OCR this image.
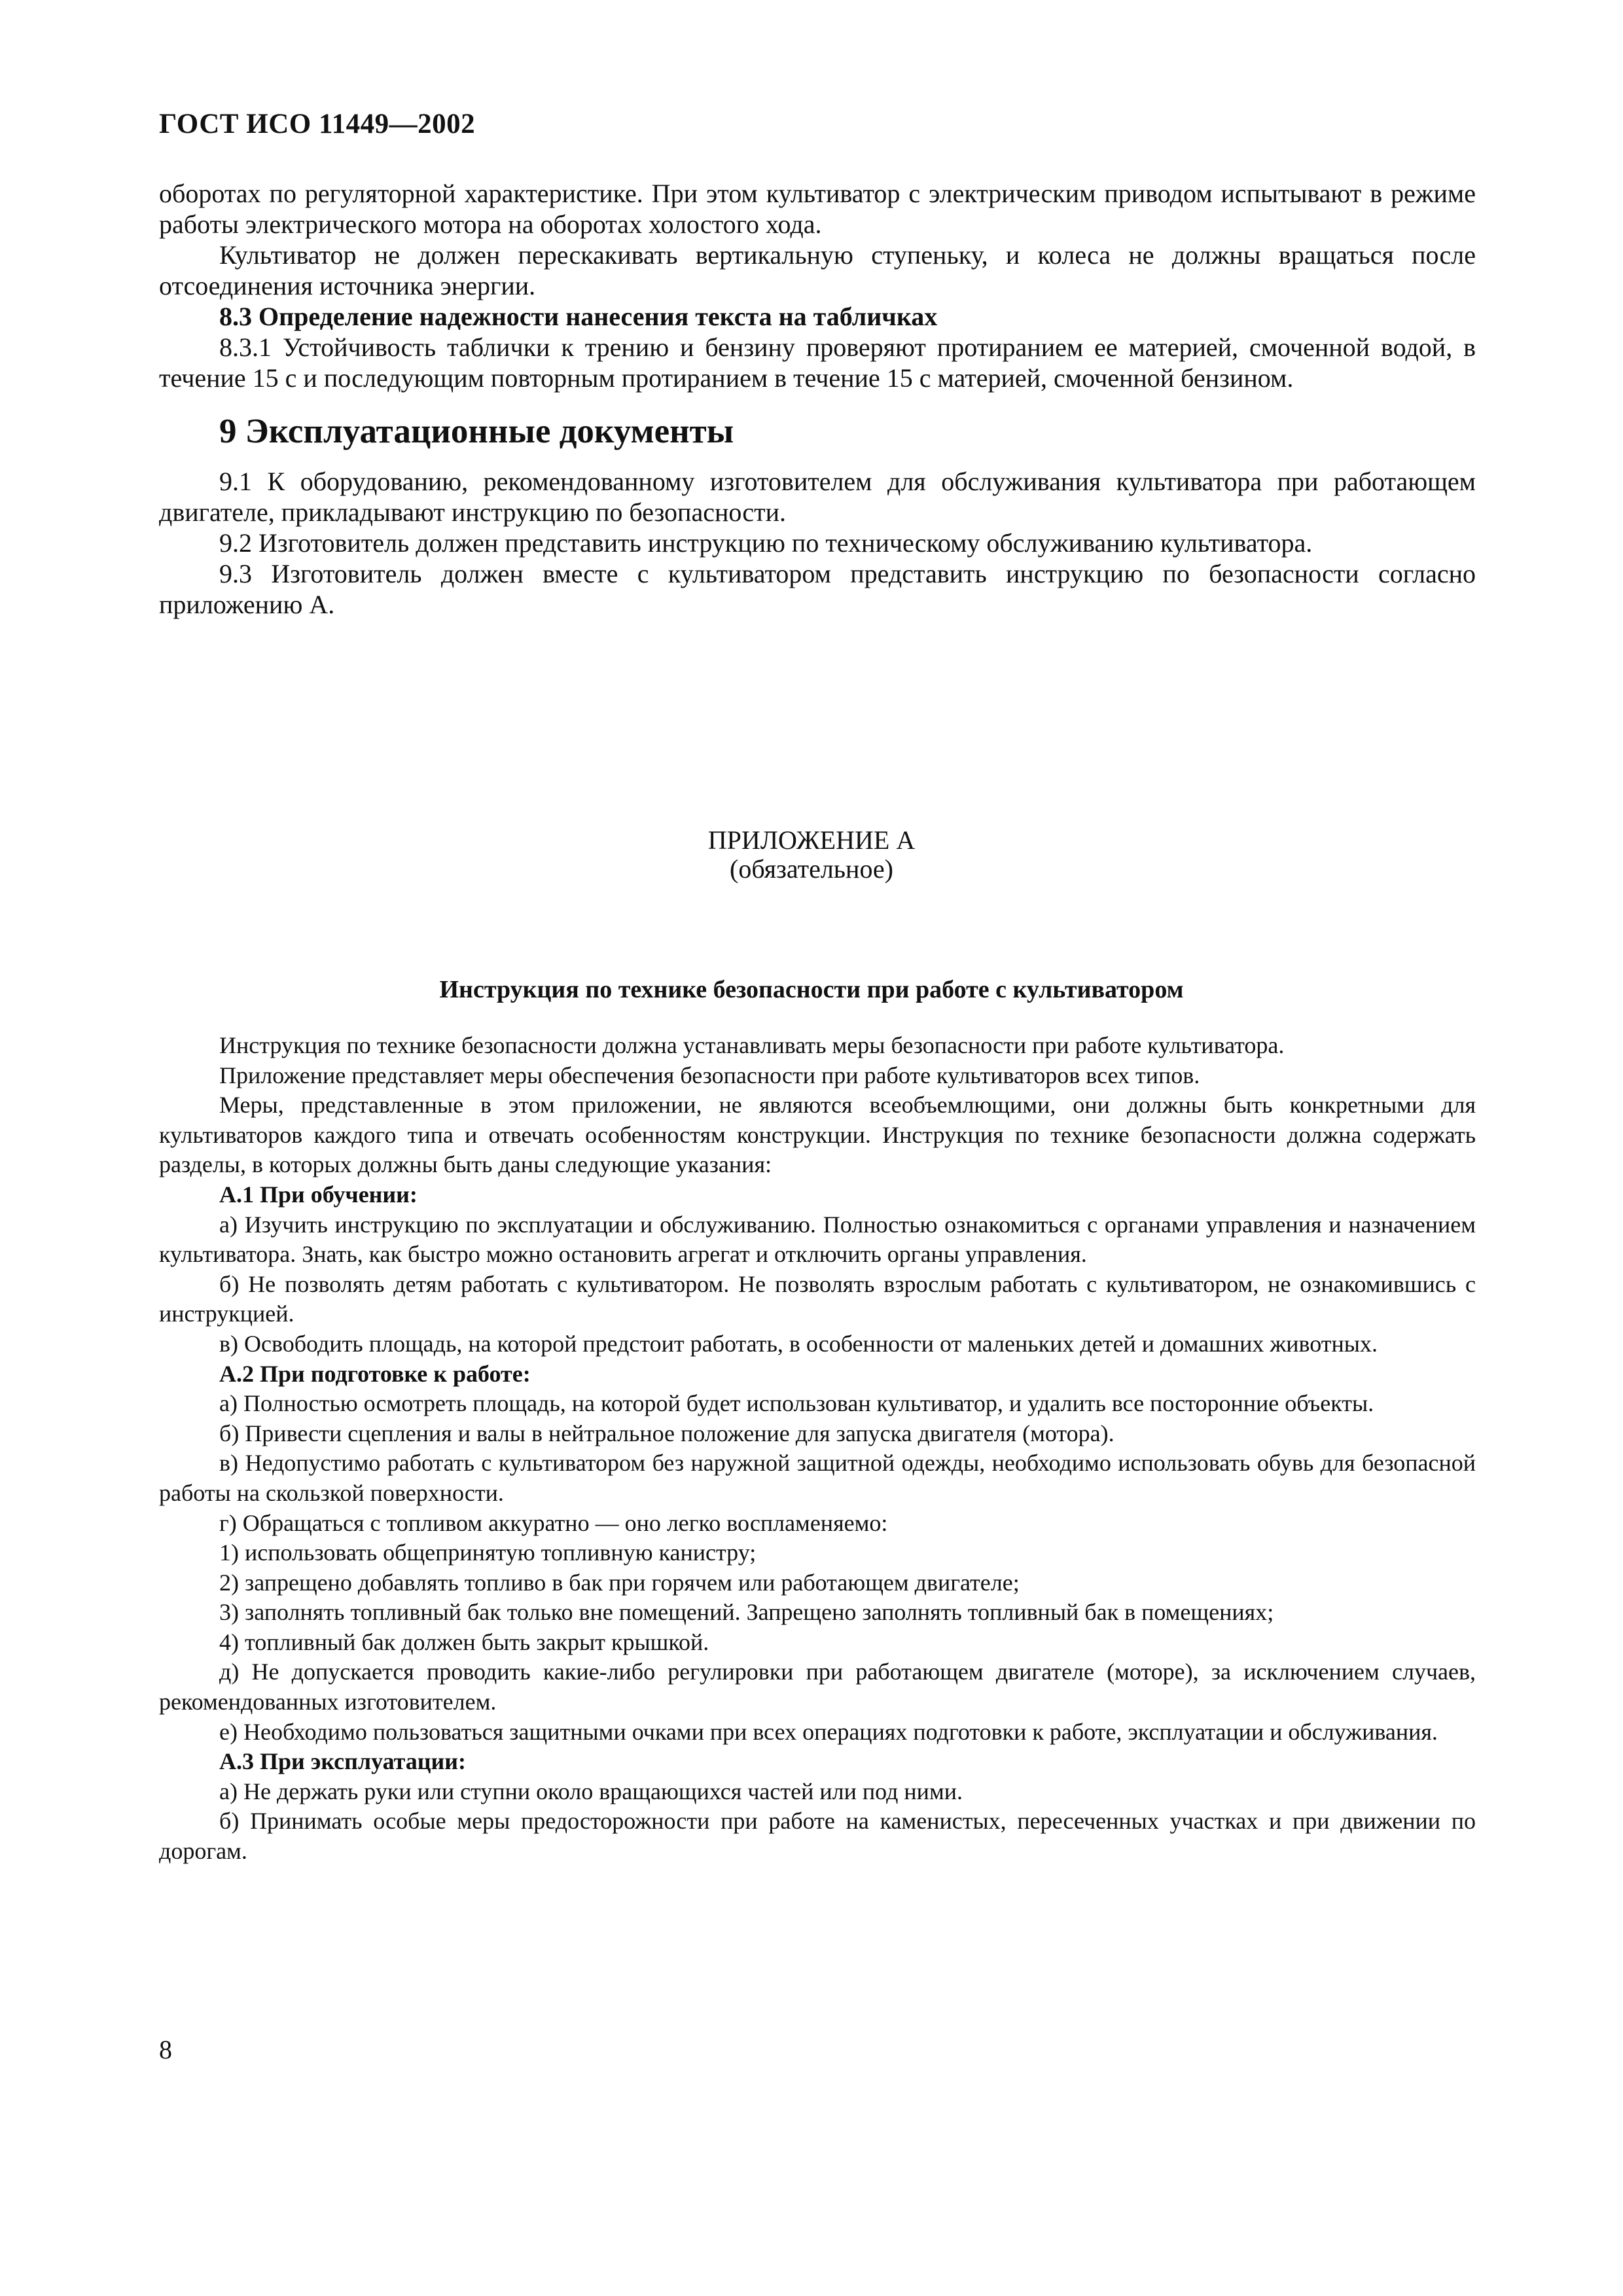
ГОСТ ИСО 11449—2002

оборотах по регуляторной характеристике. При этом культиватор с электрическим приводом испытывают в режиме работы электрического мотора на оборотах холостого хода.

Культиватор не должен перескакивать вертикальную ступеньку, и колеса не должны вращаться после отсоединения источника энергии.

8.3 Определение надежности нанесения текста на табличках

8.3.1 Устойчивость таблички к трению и бензину проверяют протиранием ее материей, смоченной водой, в течение 15 с и последующим повторным протиранием в течение 15 с материей, смоченной бензином.

9 Эксплуатационные документы

9.1 К оборудованию, рекомендованному изготовителем для обслуживания культиватора при работающем двигателе, прикладывают инструкцию по безопасности.

9.2 Изготовитель должен представить инструкцию по техническому обслуживанию культиватора.

9.3 Изготовитель должен вместе с культиватором представить инструкцию по безопасности согласно приложению А.

ПРИЛОЖЕНИЕ А
(обязательное)
Инструкция по технике безопасности при работе с культиватором

Инструкция по технике безопасности должна устанавливать меры безопасности при работе культиватора.

Приложение представляет меры обеспечения безопасности при работе культиваторов всех типов.

Меры, представленные в этом приложении, не являются всеобъемлющими, они должны быть конкретными для культиваторов каждого типа и отвечать особенностям конструкции. Инструкция по технике безопасности должна содержать разделы, в которых должны быть даны следующие указания:

А.1 При обучении:

а) Изучить инструкцию по эксплуатации и обслуживанию. Полностью ознакомиться с органами управления и назначением культиватора. Знать, как быстро можно остановить агрегат и отключить органы управления.

б) Не позволять детям работать с культиватором. Не позволять взрослым работать с культиватором, не ознакомившись с инструкцией.

в) Освободить площадь, на которой предстоит работать, в особенности от маленьких детей и домашних животных.

А.2 При подготовке к работе:

а) Полностью осмотреть площадь, на которой будет использован культиватор, и удалить все посторонние объекты.

б) Привести сцепления и валы в нейтральное положение для запуска двигателя (мотора).

в) Недопустимо работать с культиватором без наружной защитной одежды, необходимо использовать обувь для безопасной работы на скользкой поверхности.

г) Обращаться с топливом аккуратно — оно легко воспламеняемо:

1) использовать общепринятую топливную канистру;

2) запрещено добавлять топливо в бак при горячем или работающем двигателе;

3) заполнять топливный бак только вне помещений. Запрещено заполнять топливный бак в помещениях;

4) топливный бак должен быть закрыт крышкой.

д) Не допускается проводить какие-либо регулировки при работающем двигателе (моторе), за исключением случаев, рекомендованных изготовителем.

е) Необходимо пользоваться защитными очками при всех операциях подготовки к работе, эксплуатации и обслуживания.

А.3 При эксплуатации:

а) Не держать руки или ступни около вращающихся частей или под ними.

б) Принимать особые меры предосторожности при работе на каменистых, пересеченных участках и при движении по дорогам.

8
